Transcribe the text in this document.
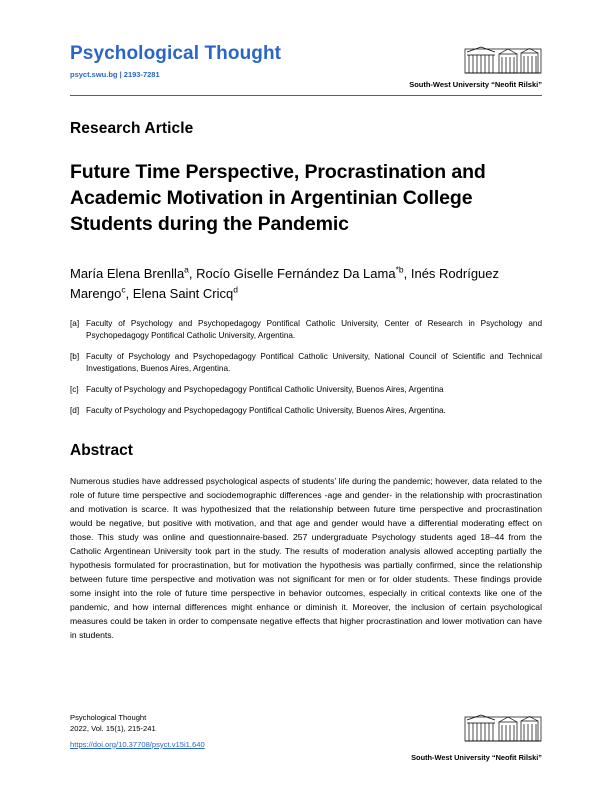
Psychological Thought
psyct.swu.bg | 2193-7281
South-West University “Neofit Rilski”
Research Article
Future Time Perspective, Procrastination and Academic Motivation in Argentinian College Students during the Pandemic
María Elena Brenlla$^a$, Rocío Giselle Fernández Da Lama$^{*b}$, Inés Rodríguez Marengo$^c$, Elena Saint Cricq$^d$
[a] Faculty of Psychology and Psychopedagogy Pontifical Catholic University, Center of Research in Psychology and Psychopedagogy Pontifical Catholic University, Argentina.
[b] Faculty of Psychology and Psychopedagogy Pontifical Catholic University, National Council of Scientific and Technical Investigations, Buenos Aires, Argentina.
[c] Faculty of Psychology and Psychopedagogy Pontifical Catholic University, Buenos Aires, Argentina
[d] Faculty of Psychology and Psychopedagogy Pontifical Catholic University, Buenos Aires, Argentina.
Abstract

Numerous studies have addressed psychological aspects of students’ life during the pandemic; however, data related to the role of future time perspective and sociodemographic differences -age and gender- in the relationship with procrastination and motivation is scarce. It was hypothesized that the relationship between future time perspective and procrastination would be negative, but positive with motivation, and that age and gender would have a differential moderating effect on those. This study was online and questionnaire-based. 257 undergraduate Psychology students aged 18–44 from the Catholic Argentinean University took part in the study. The results of moderation analysis allowed accepting partially the hypothesis formulated for procrastination, but for motivation the hypothesis was partially confirmed, since the relationship between future time perspective and motivation was not significant for men or for older students. These findings provide some insight into the role of future time perspective in behavior outcomes, especially in critical contexts like one of the pandemic, and how internal differences might enhance or diminish it. Moreover, the inclusion of certain psychological measures could be taken in order to compensate negative effects that higher procrastination and lower motivation can have in students.

Psychological Thought
2022, Vol. 15(1), 215-241
https://doi.org/10.37708/psyct.v15i1.640
South-West University “Neofit Rilski”
